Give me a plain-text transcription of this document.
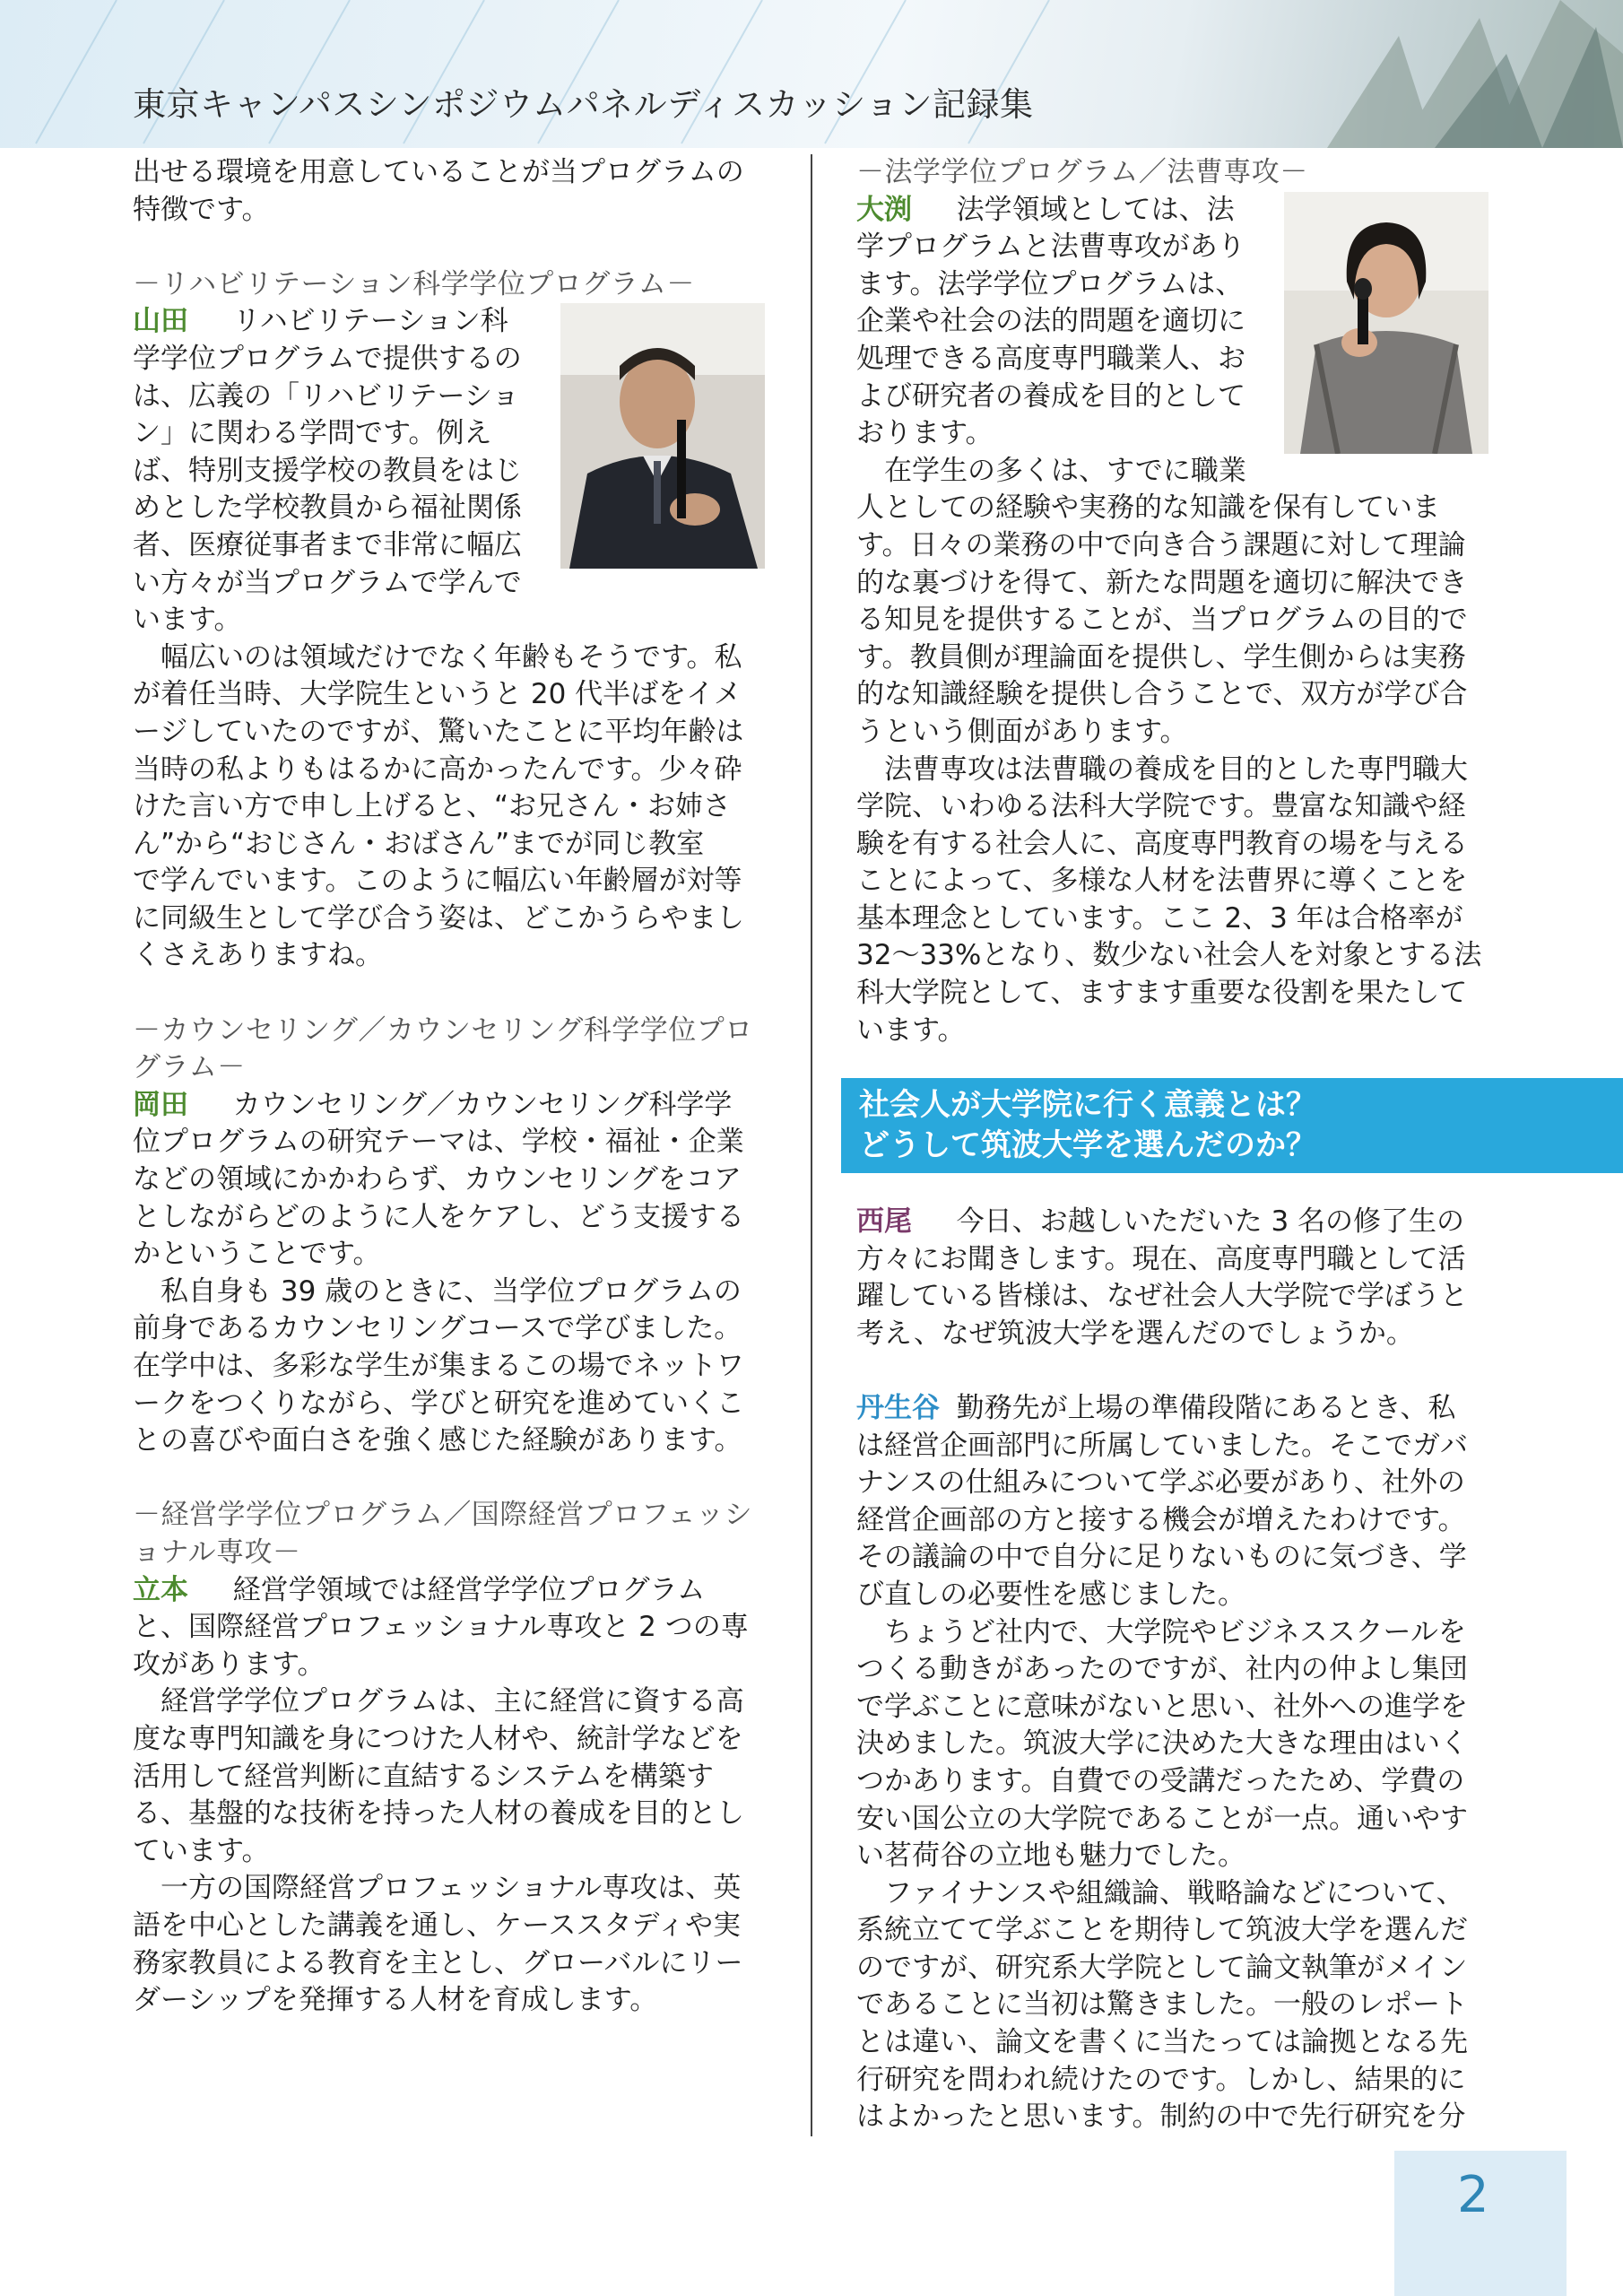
東京キャンパスシンポジウムパネルディスカッション記録集

出せる環境を用意していることが当プログラムの

特徴です。

－リハビリテーション科学学位プログラム－

山田 リハビリテーション科

学学位プログラムで提供するの

は、広義の「リハビリテーショ

ン」に関わる学問です。例え

ば、特別支援学校の教員をはじ

めとした学校教員から福祉関係

者、医療従事者まで非常に幅広

い方々が当プログラムで学んで

います。

　幅広いのは領域だけでなく年齢もそうです。私

が着任当時、大学院生というと 20 代半ばをイメ

ージしていたのですが、驚いたことに平均年齢は

当時の私よりもはるかに高かったんです。少々砕

けた言い方で申し上げると、“お兄さん・お姉さ

ん”から“おじさん・おばさん”までが同じ教室

で学んでいます。このように幅広い年齢層が対等

に同級生として学び合う姿は、どこかうらやまし

くさえありますね。

－カウンセリング／カウンセリング科学学位プロ

グラム－

岡田 カウンセリング／カウンセリング科学学

位プログラムの研究テーマは、学校・福祉・企業

などの領域にかかわらず、カウンセリングをコア

としながらどのように人をケアし、どう支援する

かということです。

　私自身も 39 歳のときに、当学位プログラムの

前身であるカウンセリングコースで学びました。

在学中は、多彩な学生が集まるこの場でネットワ

ークをつくりながら、学びと研究を進めていくこ

との喜びや面白さを強く感じた経験があります。

－経営学学位プログラム／国際経営プロフェッシ

ョナル専攻－

立本 経営学領域では経営学学位プログラム

と、国際経営プロフェッショナル専攻と 2 つの専

攻があります。

　経営学学位プログラムは、主に経営に資する高

度な専門知識を身につけた人材や、統計学などを

活用して経営判断に直結するシステムを構築す

る、基盤的な技術を持った人材の養成を目的とし

ています。

　一方の国際経営プロフェッショナル専攻は、英

語を中心とした講義を通し、ケーススタディや実

務家教員による教育を主とし、グローバルにリー

ダーシップを発揮する人材を育成します。

－法学学位プログラム／法曹専攻－

大渕 法学領域としては、法

学プログラムと法曹専攻があり

ます。法学学位プログラムは、

企業や社会の法的問題を適切に

処理できる高度専門職業人、お

よび研究者の養成を目的として

おります。

　在学生の多くは、すでに職業

人としての経験や実務的な知識を保有していま

す。日々の業務の中で向き合う課題に対して理論

的な裏づけを得て、新たな問題を適切に解決でき

る知見を提供することが、当プログラムの目的で

す。教員側が理論面を提供し、学生側からは実務

的な知識経験を提供し合うことで、双方が学び合

うという側面があります。

　法曹専攻は法曹職の養成を目的とした専門職大

学院、いわゆる法科大学院です。豊富な知識や経

験を有する社会人に、高度専門教育の場を与える

ことによって、多様な人材を法曹界に導くことを

基本理念としています。ここ 2、3 年は合格率が

32～33%となり、数少ない社会人を対象とする法

科大学院として、ますます重要な役割を果たして

います。

社会人が大学院に行く意義とは？
どうして筑波大学を選んだのか？

西尾 今日、お越しいただいた 3 名の修了生の

方々にお聞きします。現在、高度専門職として活

躍している皆様は、なぜ社会人大学院で学ぼうと

考え、なぜ筑波大学を選んだのでしょうか。

丹生谷 勤務先が上場の準備段階にあるとき、私

は経営企画部門に所属していました。そこでガバ

ナンスの仕組みについて学ぶ必要があり、社外の

経営企画部の方と接する機会が増えたわけです。

その議論の中で自分に足りないものに気づき、学

び直しの必要性を感じました。

　ちょうど社内で、大学院やビジネススクールを

つくる動きがあったのですが、社内の仲よし集団

で学ぶことに意味がないと思い、社外への進学を

決めました。筑波大学に決めた大きな理由はいく

つかあります。自費での受講だったため、学費の

安い国公立の大学院であることが一点。通いやす

い茗荷谷の立地も魅力でした。

　ファイナンスや組織論、戦略論などについて、

系統立てて学ぶことを期待して筑波大学を選んだ

のですが、研究系大学院として論文執筆がメイン

であることに当初は驚きました。一般のレポート

とは違い、論文を書くに当たっては論拠となる先

行研究を問われ続けたのです。しかし、結果的に

はよかったと思います。制約の中で先行研究を分

2
